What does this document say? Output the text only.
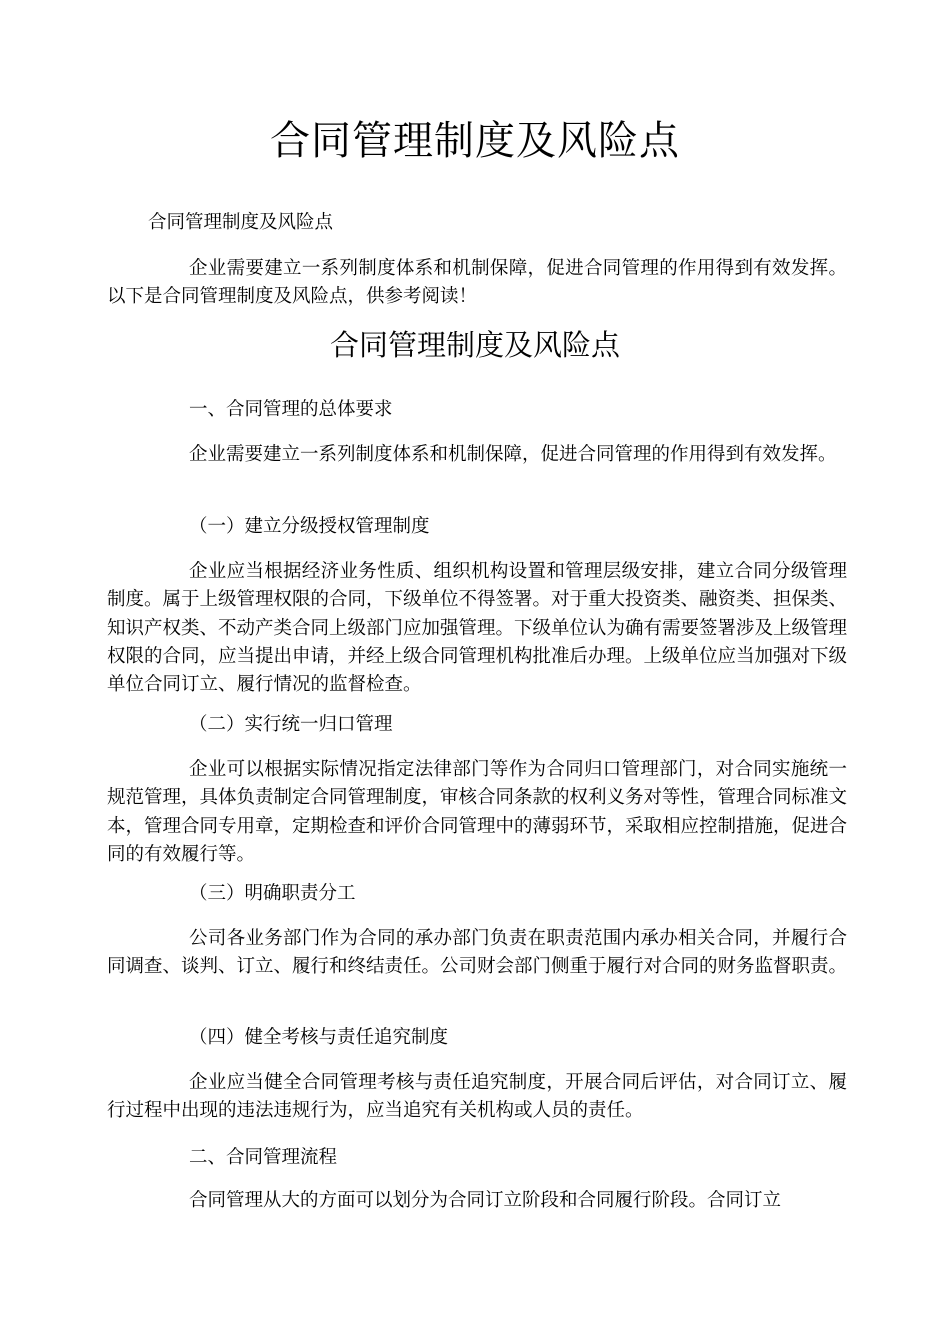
合同管理制度及风险点
合同管理制度及风险点
企业需要建立一系列制度体系和机制保障，促进合同管理的作用得到有效发挥。以下是合同管理制度及风险点，供参考阅读！
合同管理制度及风险点
一、合同管理的总体要求
企业需要建立一系列制度体系和机制保障，促进合同管理的作用得到有效发挥。
（一）建立分级授权管理制度
企业应当根据经济业务性质、组织机构设置和管理层级安排，建立合同分级管理制度。属于上级管理权限的合同，下级单位不得签署。对于重大投资类、融资类、担保类、知识产权类、不动产类合同上级部门应加强管理。下级单位认为确有需要签署涉及上级管理权限的合同，应当提出申请，并经上级合同管理机构批准后办理。上级单位应当加强对下级单位合同订立、履行情况的监督检查。
（二）实行统一归口管理
企业可以根据实际情况指定法律部门等作为合同归口管理部门，对合同实施统一规范管理，具体负责制定合同管理制度，审核合同条款的权利义务对等性，管理合同标准文本，管理合同专用章，定期检查和评价合同管理中的薄弱环节，采取相应控制措施，促进合同的有效履行等。
（三）明确职责分工
公司各业务部门作为合同的承办部门负责在职责范围内承办相关合同，并履行合同调查、谈判、订立、履行和终结责任。公司财会部门侧重于履行对合同的财务监督职责。
（四）健全考核与责任追究制度
企业应当健全合同管理考核与责任追究制度，开展合同后评估，对合同订立、履行过程中出现的违法违规行为，应当追究有关机构或人员的责任。
二、合同管理流程
合同管理从大的方面可以划分为合同订立阶段和合同履行阶段。合同订立
